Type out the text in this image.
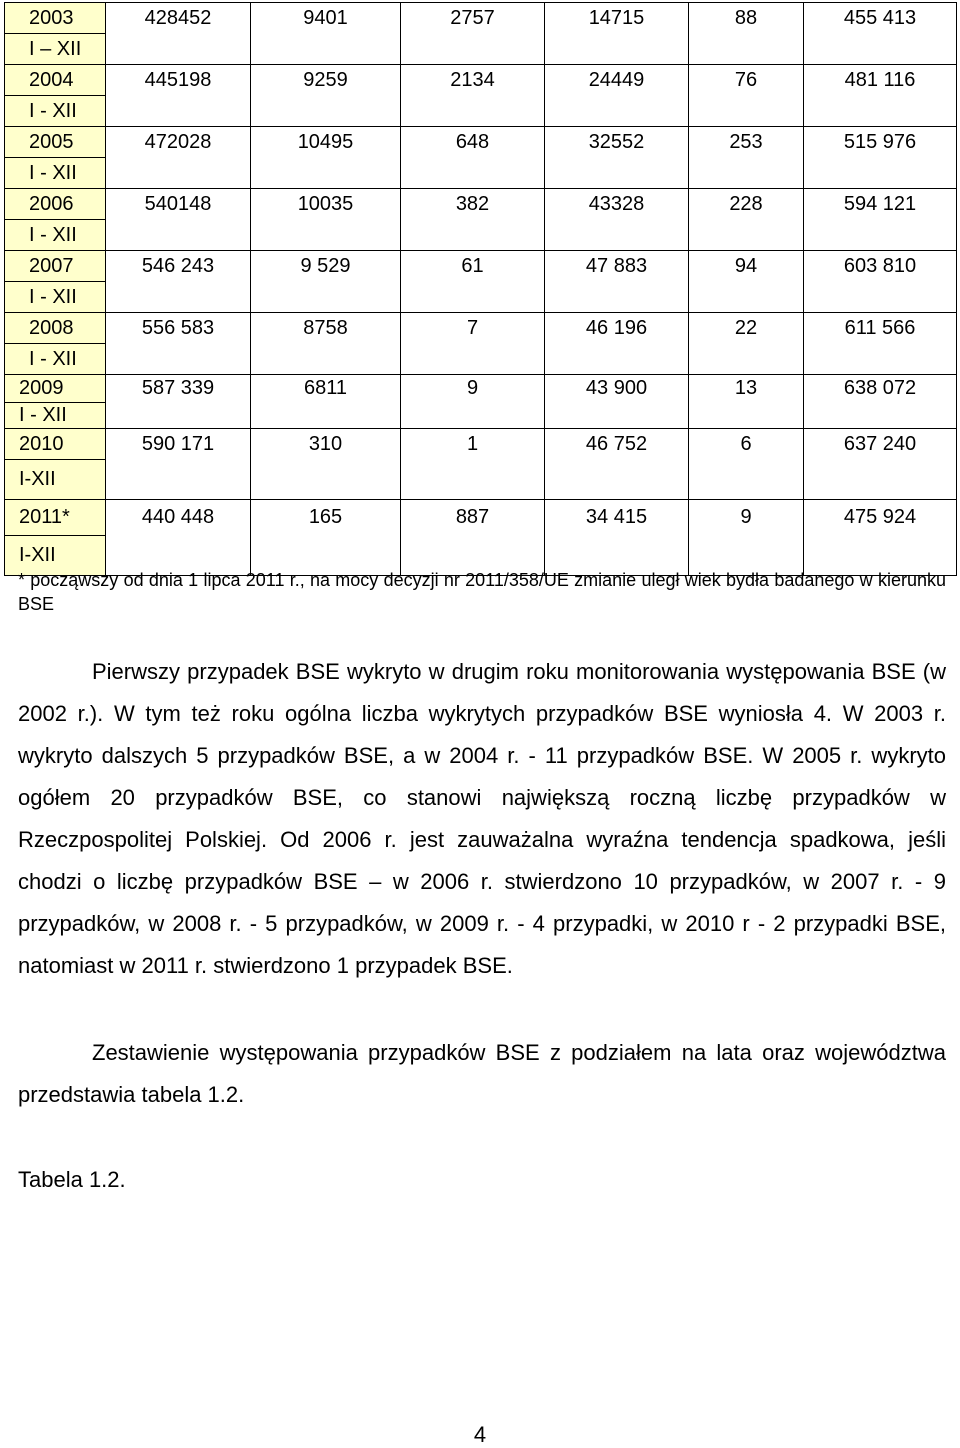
2003	428452	9401	2757	14715	88	455 413
I – XII						
2004	445198	9259	2134	24449	76	481 116
I - XII						
2005	472028	10495	648	32552	253	515 976
I - XII						
2006	540148	10035	382	43328	228	594 121
I - XII						
2007	546 243	9 529	61	47 883	94	603 810
I - XII						
2008	556 583	8758	7	46 196	22	611 566
I - XII						
2009	587 339	6811	9	43 900	13	638 072
I - XII						
2010	590 171	310	1	46 752	6	637 240
I-XII						
2011*	440 448	165	887	34 415	9	475 924
I-XII						
* począwszy od dnia 1 lipca 2011 r., na mocy decyzji nr 2011/358/UE zmianie uległ wiek bydła badanego w kierunku BSE
Pierwszy przypadek BSE wykryto w drugim roku monitorowania występowania BSE (w 2002 r.). W tym też roku ogólna liczba wykrytych przypadków BSE wyniosła 4. W 2003 r. wykryto dalszych 5 przypadków BSE, a w 2004 r. - 11 przypadków BSE. W 2005 r. wykryto ogółem 20 przypadków BSE, co stanowi największą roczną liczbę przypadków w Rzeczpospolitej Polskiej. Od 2006 r. jest zauważalna wyraźna tendencja spadkowa, jeśli chodzi o liczbę przypadków BSE – w 2006 r. stwierdzono 10 przypadków, w 2007 r. - 9 przypadków, w 2008 r. - 5 przypadków, w 2009 r. - 4 przypadki, w 2010 r - 2 przypadki BSE, natomiast w 2011 r. stwierdzono 1 przypadek BSE.
Zestawienie występowania przypadków BSE z podziałem na lata oraz województwa przedstawia tabela 1.2.
Tabela 1.2.
4
